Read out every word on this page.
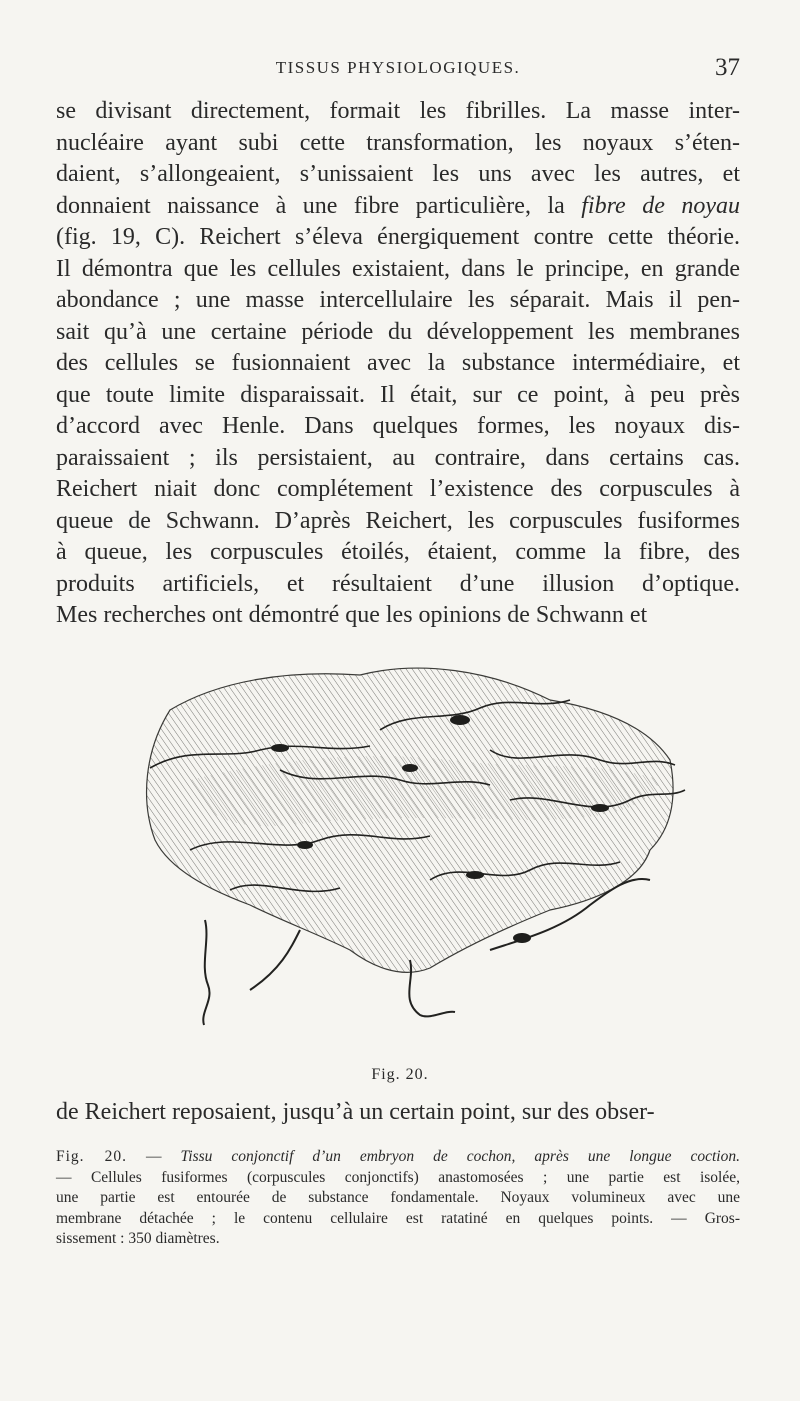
TISSUS PHYSIOLOGIQUES.	37
se divisant directement, formait les fibrilles. La masse inter-
nucléaire ayant subi cette transformation, les noyaux s’éten-
daient, s’allongeaient, s’unissaient les uns avec les autres, et
donnaient naissance à une fibre particulière, la fibre de noyau
(fig. 19, C). Reichert s’éleva énergiquement contre cette théorie.
Il démontra que les cellules existaient, dans le principe, en grande
abondance ; une masse intercellulaire les séparait. Mais il pen-
sait qu’à une certaine période du développement les membranes
des cellules se fusionnaient avec la substance intermédiaire, et
que toute limite disparaissait. Il était, sur ce point, à peu près
d’accord avec Henle. Dans quelques formes, les noyaux dis-
paraissaient ; ils persistaient, au contraire, dans certains cas.
Reichert niait donc complétement l’existence des corpuscules à
queue de Schwann. D’après Reichert, les corpuscules fusiformes
à queue, les corpuscules étoilés, étaient, comme la fibre, des
produits artificiels, et résultaient d’une illusion d’optique.
Mes recherches ont démontré que les opinions de Schwann et
Fig. 20.
de Reichert reposaient, jusqu’à un certain point, sur des obser-
Fig. 20. — Tissu conjonctif d’un embryon de cochon, après une longue coction.
— Cellules fusiformes (corpuscules conjonctifs) anastomosées ; une partie est isolée,
une partie est entourée de substance fondamentale. Noyaux volumineux avec une
membrane détachée ; le contenu cellulaire est ratatiné en quelques points. — Gros-
sissement : 350 diamètres.
